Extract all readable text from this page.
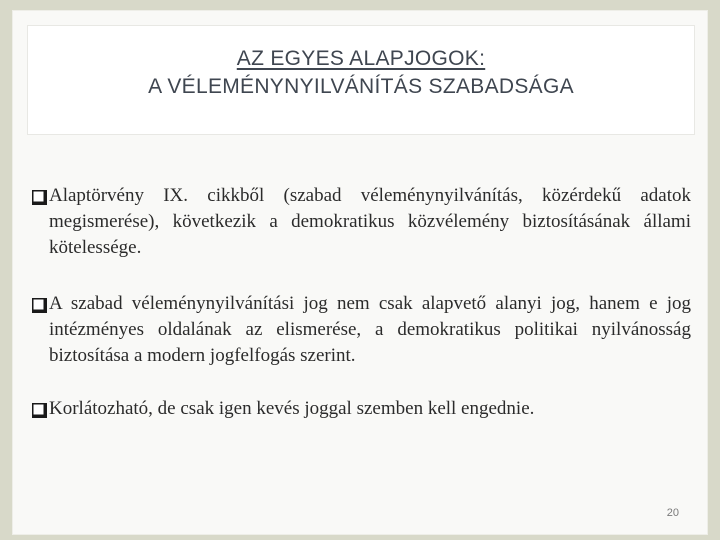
AZ EGYES ALAPJOGOK:
A VÉLEMÉNYNYILVÁNÍTÁS SZABADSÁGA
Alaptörvény IX. cikkből (szabad véleménynyilvánítás, közérdekű adatok megismerése), következik a demokratikus közvélemény biztosításának állami kötelessége.
A szabad véleménynyilvánítási jog nem csak alapvető alanyi jog, hanem e jog intézményes oldalának az elismerése, a demokratikus politikai nyilvánosság biztosítása a modern jogfelfogás szerint.
Korlátozható, de csak igen kevés joggal szemben kell engednie.
20
